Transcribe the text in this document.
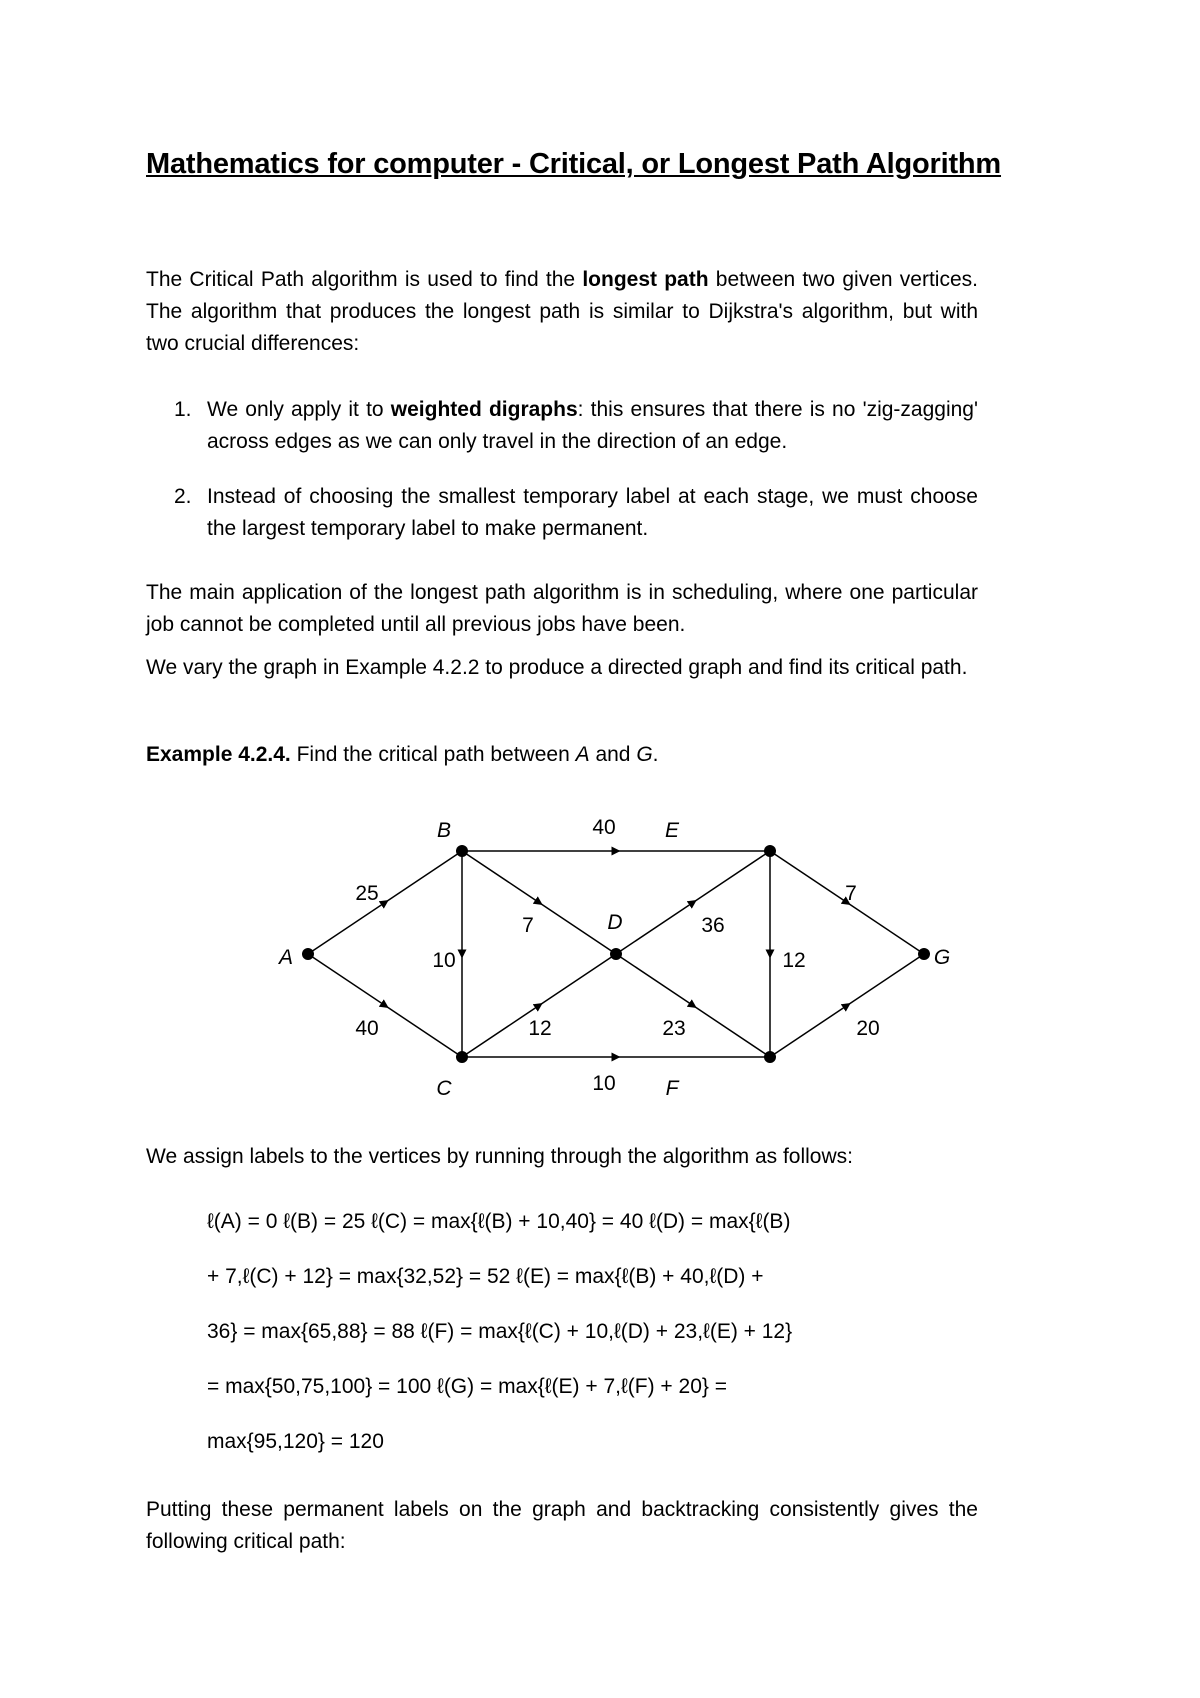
Mathematics for computer - Critical, or Longest Path Algorithm
The Critical Path algorithm is used to find the longest path between two given vertices. The algorithm that produces the longest path is similar to Dijkstra's algorithm, but with two crucial differences:
1. We only apply it to weighted digraphs: this ensures that there is no 'zig-zagging' across edges as we can only travel in the direction of an edge.
2. Instead of choosing the smallest temporary label at each stage, we must choose the largest temporary label to make permanent.
The main application of the longest path algorithm is in scheduling, where one particular job cannot be completed until all previous jobs have been.
We vary the graph in Example 4.2.2 to produce a directed graph and find its critical path.
Example 4.2.4. Find the critical path between A and G.
25
40
10
7
40
12
10
36
23
12
7
20
A
B
C
D
E
F
G
We assign labels to the vertices by running through the algorithm as follows:
ℓ(A) = 0 ℓ(B) = 25 ℓ(C) = max{ℓ(B) + 10,40} = 40 ℓ(D) = max{ℓ(B)
+ 7,ℓ(C) + 12} = max{32,52} = 52 ℓ(E) = max{ℓ(B) + 40,ℓ(D) +
36} = max{65,88} = 88 ℓ(F) = max{ℓ(C) + 10,ℓ(D) + 23,ℓ(E) + 12}
= max{50,75,100} = 100 ℓ(G) = max{ℓ(E) + 7,ℓ(F) + 20} =
max{95,120} = 120
Putting these permanent labels on the graph and backtracking consistently gives the following critical path:
